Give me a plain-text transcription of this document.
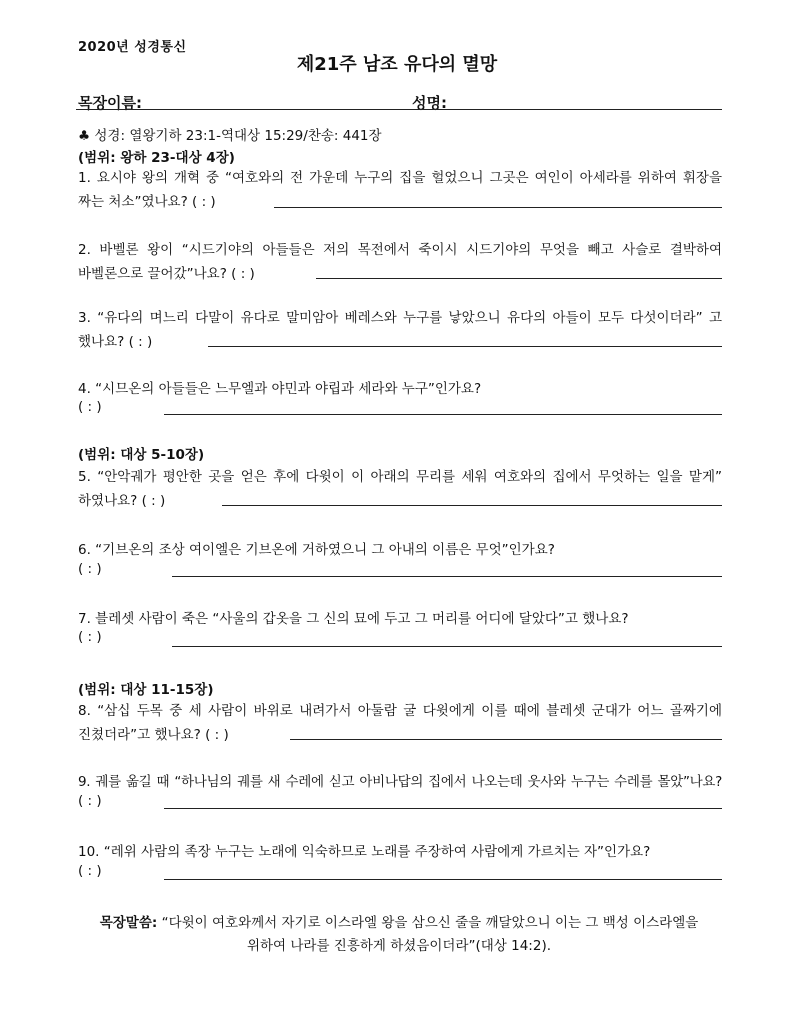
2020년 성경통신
제21주 남조 유다의 멸망
목장이름:	성명:
♣ 성경: 열왕기하 23:1-역대상 15:29/찬송: 441장
(범위: 왕하 23-대상 4장)
1. 요시야 왕의 개혁 중 “여호와의 전 가운데 누구의 집을 헐었으니 그곳은 여인이 아세라를 위하여 휘장을
짜는 처소”였나요? ( : )
2. 바벨론 왕이 “시드기야의 아들들은 저의 목전에서 죽이시 시드기야의 무엇을 빼고 사슬로 결박하여
바벨론으로 끌어갔”나요? ( : )
3. “유다의 며느리 다말이 유다로 말미암아 베레스와 누구를 낳았으니 유다의 아들이 모두 다섯이더라” 고
했나요? ( : )
4. “시므온의 아들들은 느무엘과 야민과 야립과 세라와 누구”인가요?
( : )
(범위: 대상 5-10장)
5. “안악궤가 평안한 곳을 얻은 후에 다윗이 이 아래의 무리를 세워 여호와의 집에서 무엇하는 일을 맡게”
하였나요? ( : )
6. “기브온의 조상 여이엘은 기브온에 거하였으니 그 아내의 이름은 무엇”인가요?
( : )
7. 블레셋 사람이 죽은 “사울의 갑옷을 그 신의 묘에 두고 그 머리를 어디에 달았다”고 했나요?
( : )
(범위: 대상 11-15장)
8. “삼십 두목 중 세 사람이 바위로 내려가서 아둘람 굴 다윗에게 이를 때에 블레셋 군대가 어느 골짜기에
진쳤더라”고 했나요? ( : )
9. 궤를 옮길 때 “하나님의 궤를 새 수레에 싣고 아비나답의 집에서 나오는데 웃사와 누구는 수레를 몰았”나요?
( : )
10. “레위 사람의 족장 누구는 노래에 익숙하므로 노래를 주장하여 사람에게 가르치는 자”인가요?
( : )
목장말씀: “다윗이 여호와께서 자기로 이스라엘 왕을 삼으신 줄을 깨달았으니 이는 그 백성 이스라엘을
위하여 나라를 진흥하게 하셨음이더라”(대상 14:2).
